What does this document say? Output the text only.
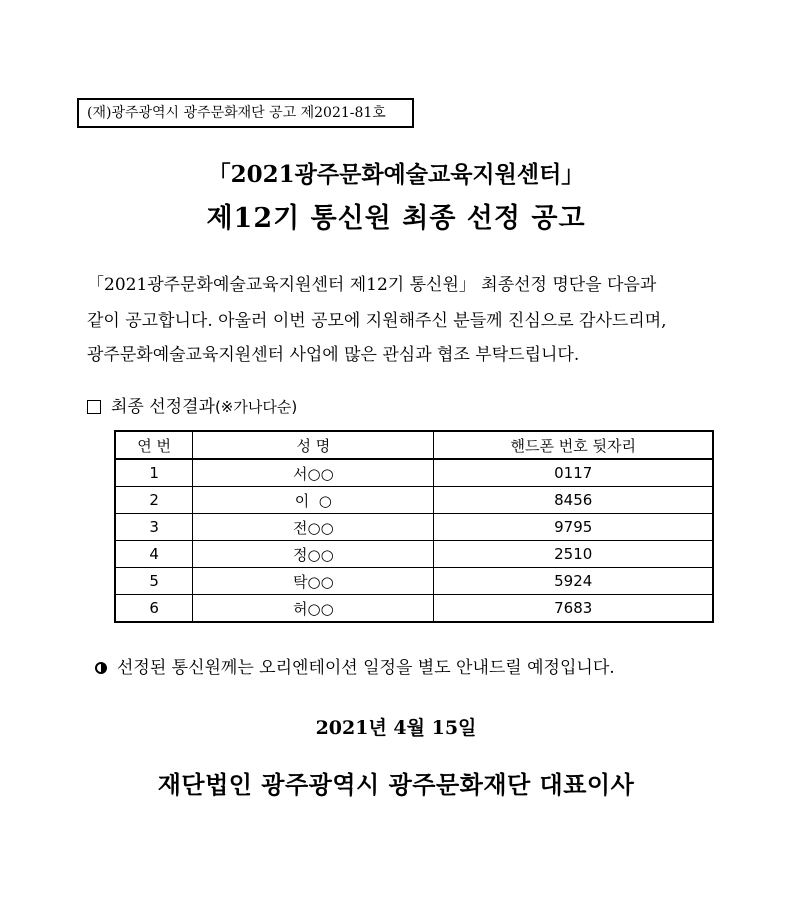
(재)광주광역시 광주문화재단 공고 제2021-81호
「2021광주문화예술교육지원센터」
제12기 통신원 최종 선정 공고
「2021광주문화예술교육지원센터 제12기 통신원」 최종선정 명단을 다음과
같이 공고합니다. 아울러 이번 공모에 지원해주신 분들께 진심으로 감사드리며,
광주문화예술교육지원센터 사업에 많은 관심과 협조 부탁드립니다.
최종 선정결과(※가나다순)
연 번	성 명	핸드폰 번호 뒷자리
1	서○○	0117
2	이  ○	8456
3	전○○	9795
4	정○○	2510
5	탁○○	5924
6	허○○	7683
선정된 통신원께는 오리엔테이션 일정을 별도 안내드릴 예정입니다.
2021년 4월 15일
재단법인 광주광역시 광주문화재단 대표이사
